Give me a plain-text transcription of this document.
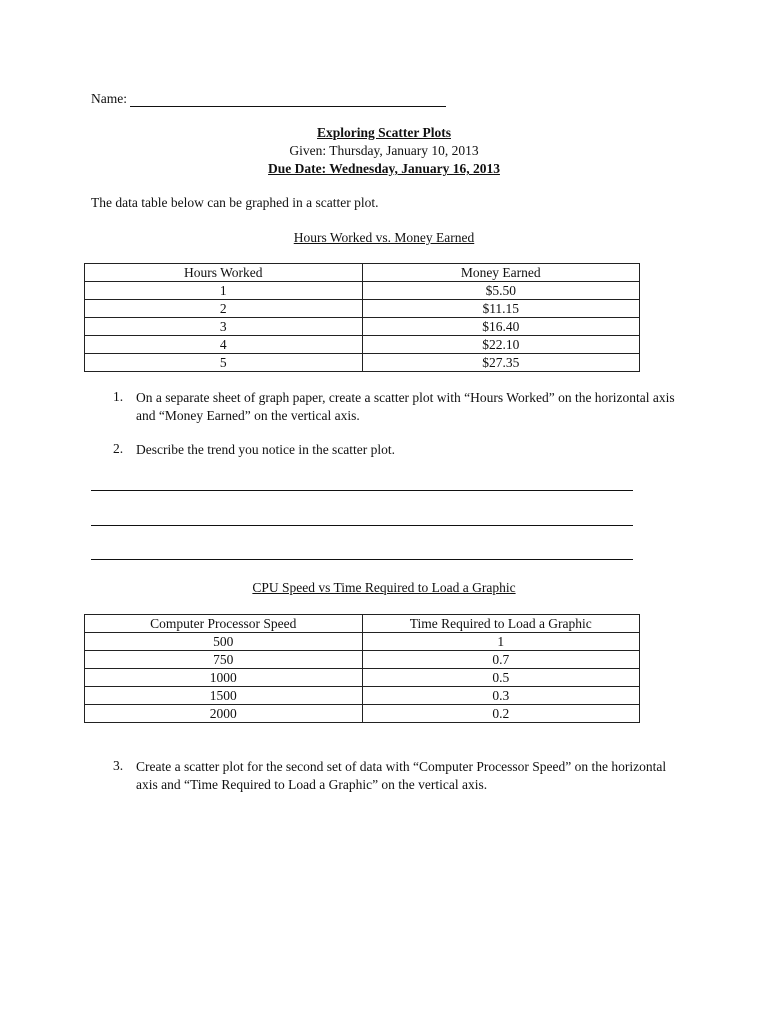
Name:
Exploring Scatter Plots
Given: Thursday, January 10, 2013
Due Date: Wednesday, January 16, 2013
The data table below can be graphed in a scatter plot.
Hours Worked vs. Money Earned
Hours Worked	Money Earned
1	$5.50
2	$11.15
3	$16.40
4	$22.10
5	$27.35
1. On a separate sheet of graph paper, create a scatter plot with “Hours Worked” on the horizontal axis and “Money Earned” on the vertical axis.
2. Describe the trend you notice in the scatter plot.
CPU Speed vs Time Required to Load a Graphic
Computer Processor Speed	Time Required to Load a Graphic
500	1
750	0.7
1000	0.5
1500	0.3
2000	0.2
3. Create a scatter plot for the second set of data with “Computer Processor Speed” on the horizontal axis and “Time Required to Load a Graphic” on the vertical axis.
